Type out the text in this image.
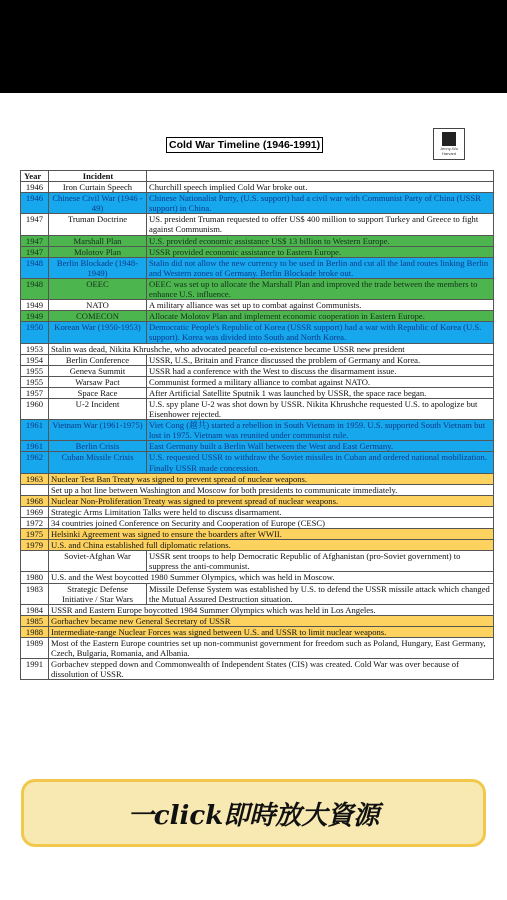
Cold War Timeline (1946-1991)	Jenny-Wu Harvard
Year	Incident	
1946	Iron Curtain Speech	Churchill speech implied Cold War broke out.
1946	Chinese Civil War (1946 - 49)	Chinese Nationalist Party, (U.S. support) had a civil war with Communist Party of China (USSR support) in China.
1947	Truman Doctrine	US. president Truman requested to offer US$ 400 million to support Turkey and Greece to fight against Communism.
1947	Marshall Plan	U.S. provided economic assistance US$ 13 billion to Western Europe.
1947	Molotov Plan	USSR provided economic assistance to Eastern Europe.
1948	Berlin Blockade (1948-1949)	Stalin did not allow the new currency to be used in Berlin and cut all the land routes linking Berlin and Western zones of Germany. Berlin Blockade broke out.
1948	OEEC	OEEC was set up to allocate the Marshall Plan and improved the trade between the members to enhance U.S. influence.
1949	NATO	A military alliance was set up to combat against Communists.
1949	COMECON	Allocate Molotov Plan and implement economic cooperation in Eastern Europe.
1950	Korean War (1950-1953)	Democratic People's Republic of Korea (USSR support) had a war with Republic of Korea (U.S. support). Korea was divided into South and North Korea.
1953	Stalin was dead, Nikita Khrushche, who advocated peaceful co-existence became USSR new president	
1954	Berlin Conference	USSR, U.S., Britain and France discussed the problem of Germany and Korea.
1955	Geneva Summit	USSR had a conference with the West to discuss the disarmament issue.
1955	Warsaw Pact	Communist formed a military alliance to combat against NATO.
1957	Space Race	After Artificial Satellite Sputnik 1 was launched by USSR, the space race began.
1960	U-2 Incident	U.S. spy plane U-2 was shot down by USSR. Nikita Khrushche requested U.S. to apologize but Eisenhower rejected.
1961	Vietnam War (1961-1975)	Viet Cong (越共) started a rebellion in South Vietnam in 1959. U.S. supported South Vietnam but lost in 1975. Vietnam was reunited under communist rule.
1961	Berlin Crisis	East Germany built a Berlin Wall between the West and East Germany.
1962	Cuban Missile Crisis	U.S. requested USSR to withdraw the Soviet missiles in Cuban and ordered national mobilization. Finally USSR made concession.
1963	Nuclear Test Ban Treaty was signed to prevent spread of nuclear weapons.	
	Set up a hot line between Washington and Moscow for both presidents to communicate immediately.	
1968	Nuclear Non-Proliferation Treaty was signed to prevent spread of nuclear weapons.	
1969	Strategic Arms Limitation Talks were held to discuss disarmament.	
1972	34 countries joined Conference on Security and Cooperation of Europe (CESC)	
1975	Helsinki Agreement was signed to ensure the boarders after WWII.	
1979	U.S. and China established full diplomatic relations.	
	Soviet-Afghan War	USSR sent troops to help Democratic Republic of Afghanistan (pro-Soviet government) to suppress the anti-communist.
1980	U.S. and the West boycotted 1980 Summer Olympics, which was held in Moscow.	
1983	Strategic Defense Initiative / Star Wars	Missile Defense System was established by U.S. to defend the USSR missile attack which changed the Mutual Assured Destruction situation.
1984	USSR and Eastern Europe boycotted 1984 Summer Olympics which was held in Los Angeles.	
1985	Gorbachev became new General Secretary of USSR	
1988	Intermediate-range Nuclear Forces was signed between U.S. and USSR to limit nuclear weapons.	
1989	Most of the Eastern Europe countries set up non-communist government for freedom such as Poland, Hungary, East Germany, Czech, Bulgaria, Romania, and Albania.	
1991	Gorbachev stepped down and Commonwealth of Independent States (CIS) was created. Cold War was over because of dissolution of USSR.	
一click即時放大資源
